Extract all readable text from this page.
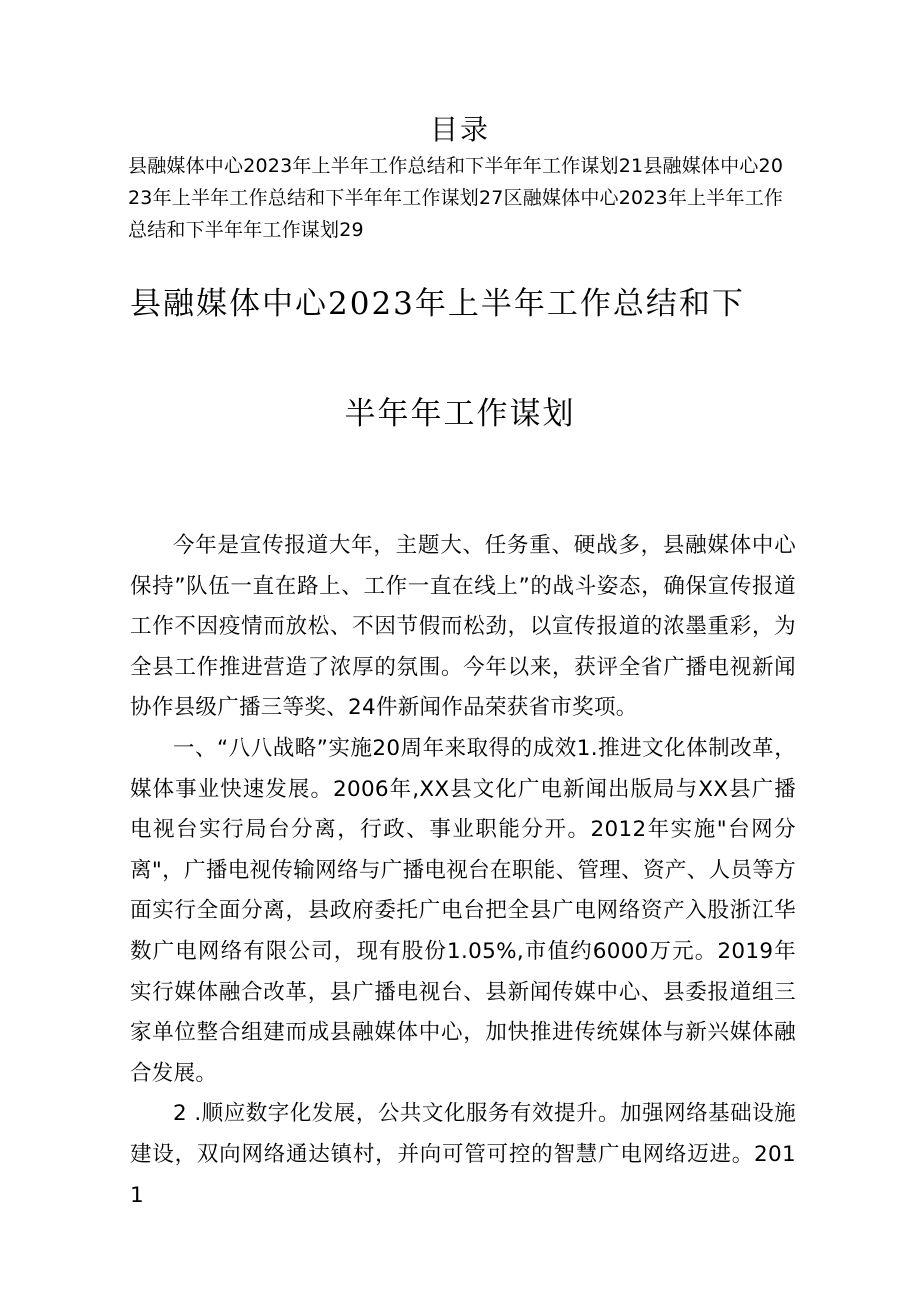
目录
县融媒体中心2023年上半年工作总结和下半年年工作谋划21县融媒体中心2023年上半年工作总结和下半年年工作谋划27区融媒体中心2023年上半年工作总结和下半年年工作谋划29
县融媒体中心2023年上半年工作总结和下
半年年工作谋划

今年是宣传报道大年，主题大、任务重、硬战多，县融媒体中心保持”队伍一直在路上、工作一直在线上”的战斗姿态，确保宣传报道工作不因疫情而放松、不因节假而松劲，以宣传报道的浓墨重彩，为全县工作推进营造了浓厚的氛围。今年以来，获评全省广播电视新闻协作县级广播三等奖、24件新闻作品荣获省市奖项。

一、“八八战略”实施20周年来取得的成效1.推进文化体制改革，媒体事业快速发展。2006年,XX县文化广电新闻出版局与XX县广播电视台实行局台分离，行政、事业职能分开。2012年实施"台网分离"，广播电视传输网络与广播电视台在职能、管理、资产、人员等方面实行全面分离，县政府委托广电台把全县广电网络资产入股浙江华数广电网络有限公司，现有股份1.05%,市值约6000万元。2019年实行媒体融合改革，县广播电视台、县新闻传媒中心、县委报道组三家单位整合组建而成县融媒体中心，加快推进传统媒体与新兴媒体融合发展。

2 .顺应数字化发展，公共文化服务有效提升。加强网络基础设施建设，双向网络通达镇村，并向可管可控的智慧广电网络迈进。2011
